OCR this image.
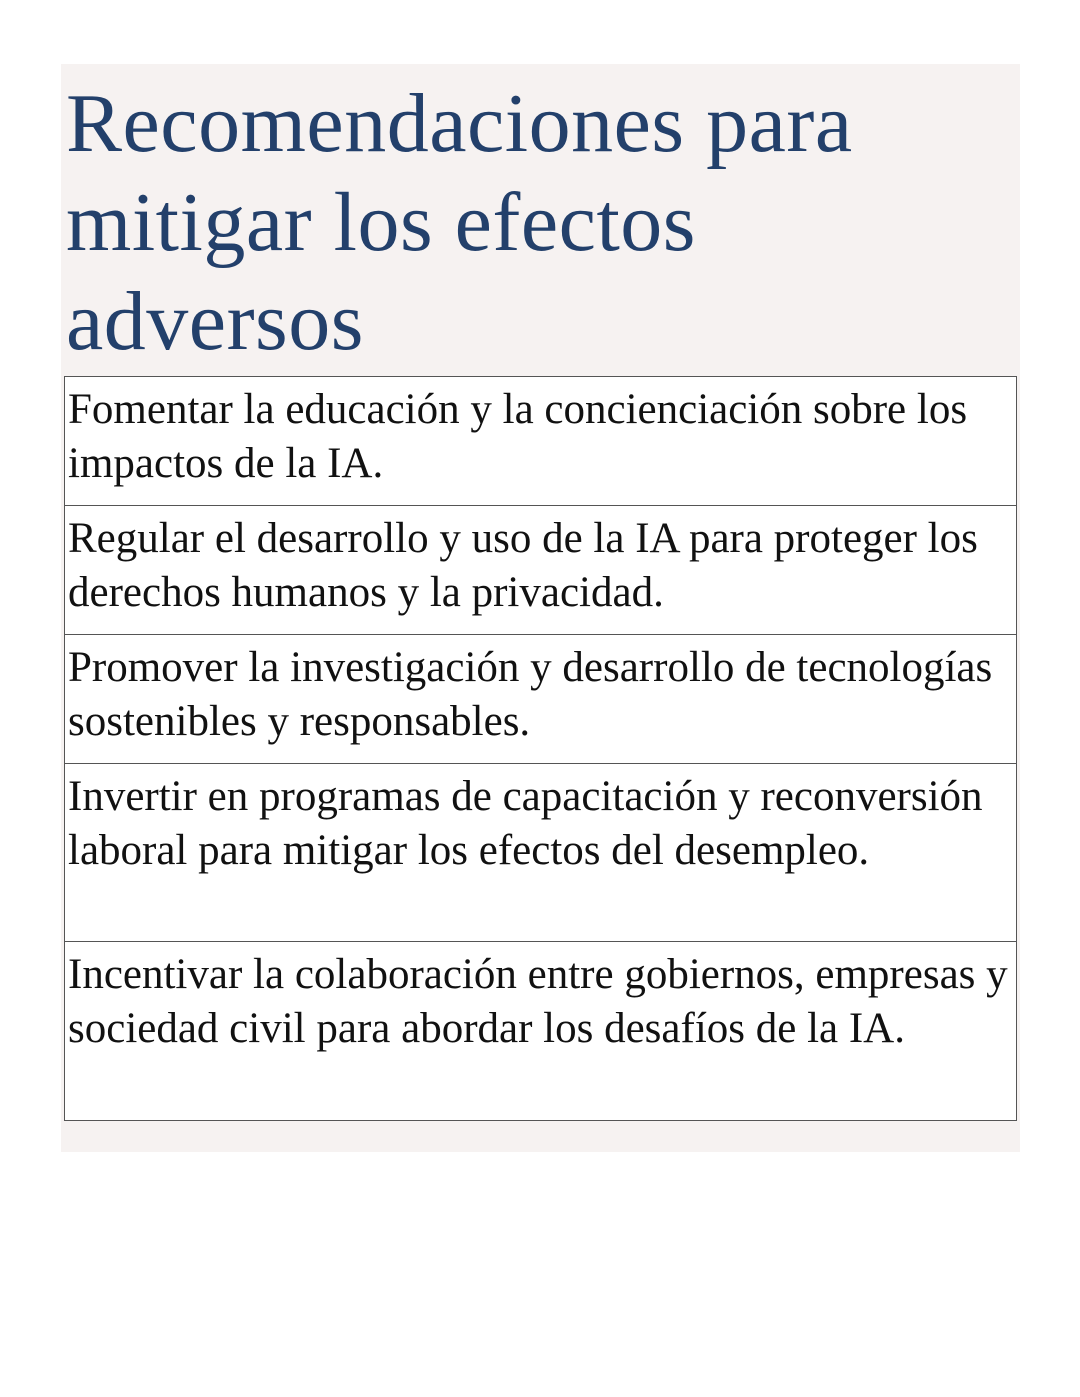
Recomendaciones para mitigar los efectos adversos
Fomentar la educación y la concienciación sobre los impactos de la IA.
Regular el desarrollo y uso de la IA para proteger los derechos humanos y la privacidad.
Promover la investigación y desarrollo de tecnologías sostenibles y responsables.
Invertir en programas de capacitación y reconversión laboral para mitigar los efectos del desempleo.
Incentivar la colaboración entre gobiernos, empresas y sociedad civil para abordar los desafíos de la IA.
